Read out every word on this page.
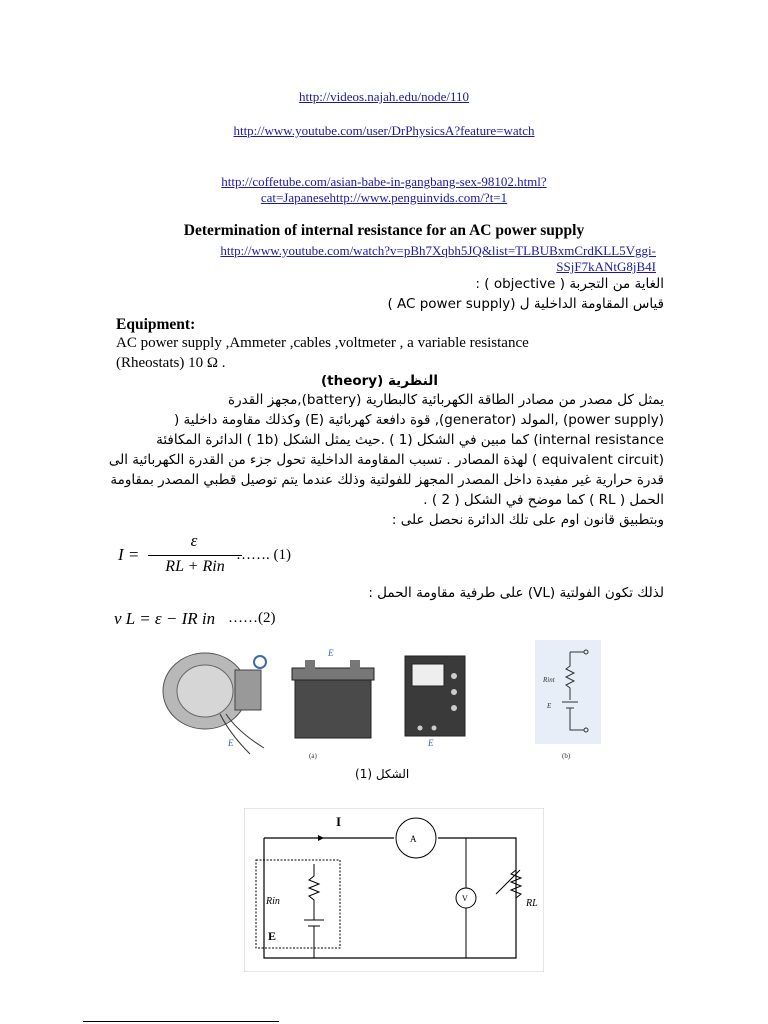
http://videos.najah.edu/node/110
http://www.youtube.com/user/DrPhysicsA?feature=watch
http://coffetube.com/asian-babe-in-gangbang-sex-98102.html?
cat=Japanesehttp://www.penguinvids.com/?t=1
Determination of internal resistance for an AC power supply
http://www.youtube.com/watch?v=pBh7Xqbh5JQ&list=TLBUBxmCrdKLL5Vggi-
SSjF7kANtG8jB4I
الغاية من التجربة ( objective ) :
قياس المقاومة الداخلية ل (AC power supply )
Equipment:
AC power supply ,Ammeter ,cables ,voltmeter , a variable resistance
(Rheostats) 10 Ω .
النظرية (theory)
يمثل كل مصدر من مصادر الطاقة الكهربائية كالبطارية (battery),مجهز القدرة
(power supply) ,المولد (generator), قوة دافعة كهربائية (E) وكذلك مقاومة داخلية (
internal resistance) كما مبين في الشكل (1 ) .حيث يمثل الشكل (1b ) الدائرة المكافئة
(equivalent circuit ) لهذة المصادر . تسبب المقاومة الداخلية تحول جزء من القدرة الكهربائية الى
قدرة حرارية غير مفيدة داخل المصدر المجهز للفولتية وذلك عندما يتم توصيل قطبي المصدر بمقاومة
الحمل ( RL ) كما موضح في الشكل ( 2 ) .
وبتطبيق قانون اوم على تلك الدائرة نحصل على :
I =
ε
RL + Rin
……. (1)
لذلك تكون الفولتية (VL) على طرفية مقاومة الحمل :
v L = ε − IR in ……(2)
E
E
(a)
E
Rint
E
(b)
الشكل (1)
I
A
Rin
E
V	RL
